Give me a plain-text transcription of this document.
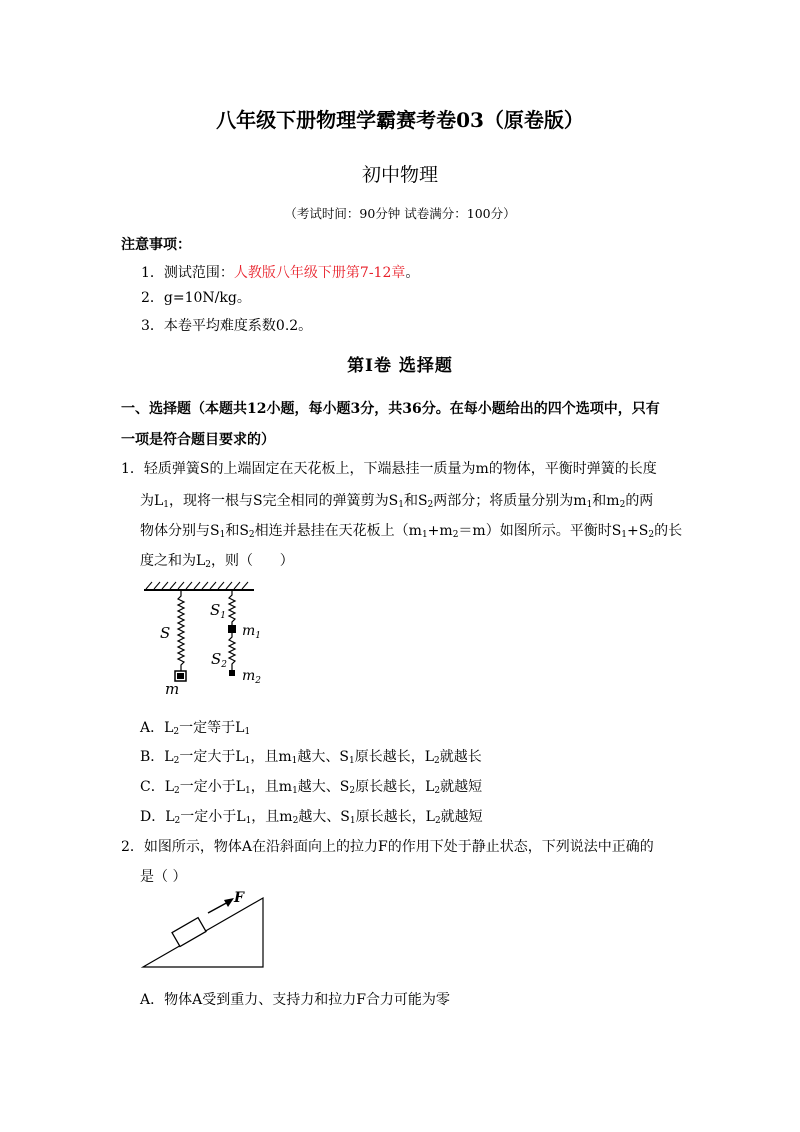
八年级下册物理学霸赛考卷03（原卷版）
初中物理
（考试时间：90分钟 试卷满分：100分）
注意事项：
1．测试范围：人教版八年级下册第7-12章。
2．g=10N/kg。
3．本卷平均难度系数0.2。
第Ⅰ卷 选择题
一、选择题（本题共12小题，每小题3分，共36分。在每小题给出的四个选项中，只有
一项是符合题目要求的）
1．轻质弹簧S的上端固定在天花板上，下端悬挂一质量为m的物体，平衡时弹簧的长度
为$L_1$，现将一根与S完全相同的弹簧剪为$S_1$和$S_2$两部分；将质量分别为$m_1$和$m_2$的两
物体分别与$S_1$和$S_2$相连并悬挂在天花板上$(m_1+m_2=m)$如图所示。平衡时$S_1+S_2$的长
度之和为$L_2$，则（      ）
S
m
$S_1$
$m_1$
$S_2$
$m_2$
A．$L_2$一定等于$L_1$
B．$L_2$一定大于$L_1$，且$m_1$越大、$S_1$原长越长，$L_2$就越长
C．$L_2$一定小于$L_1$，且$m_1$越大、$S_2$原长越长，$L_2$就越短
D．$L_2$一定小于$L_1$，且$m_2$越大、$S_1$原长越长，$L_2$就越短
2．如图所示，物体A在沿斜面向上的拉力F的作用下处于静止状态，下列说法中正确的
是（ ）
F
A．物体A受到重力、支持力和拉力F合力可能为零
